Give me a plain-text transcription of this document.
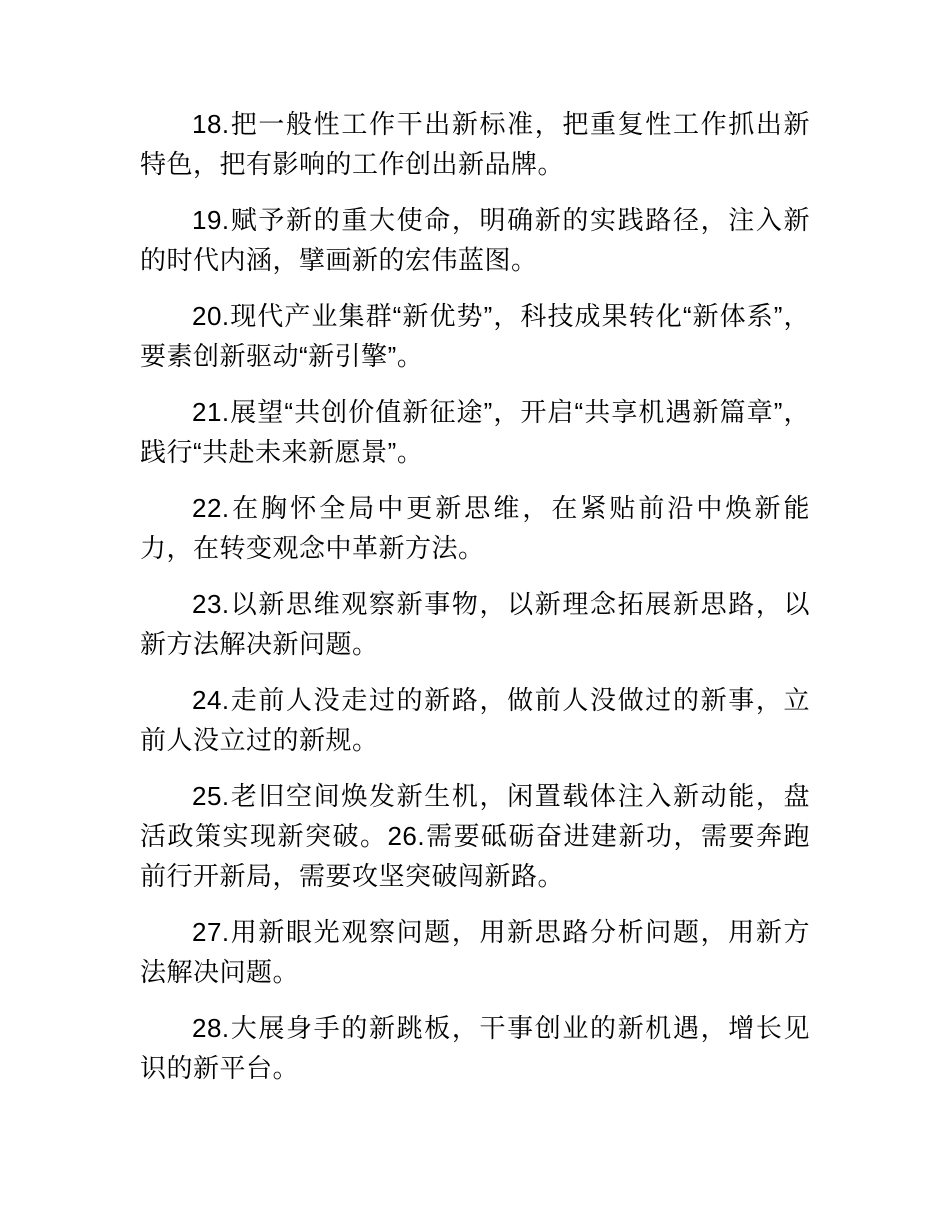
18.把一般性工作干出新标准，把重复性工作抓出新特色，把有影响的工作创出新品牌。

19.赋予新的重大使命，明确新的实践路径，注入新的时代内涵，擘画新的宏伟蓝图。

20.现代产业集群“新优势”，科技成果转化“新体系”，要素创新驱动“新引擎”。

21.展望“共创价值新征途”，开启“共享机遇新篇章”，践行“共赴未来新愿景”。

22.在胸怀全局中更新思维，在紧贴前沿中焕新能力，在转变观念中革新方法。

23.以新思维观察新事物，以新理念拓展新思路，以新方法解决新问题。

24.走前人没走过的新路，做前人没做过的新事，立前人没立过的新规。

25.老旧空间焕发新生机，闲置载体注入新动能，盘活政策实现新突破。26.需要砥砺奋进建新功，需要奔跑前行开新局，需要攻坚突破闯新路。

27.用新眼光观察问题，用新思路分析问题，用新方法解决问题。

28.大展身手的新跳板，干事创业的新机遇，增长见识的新平台。
